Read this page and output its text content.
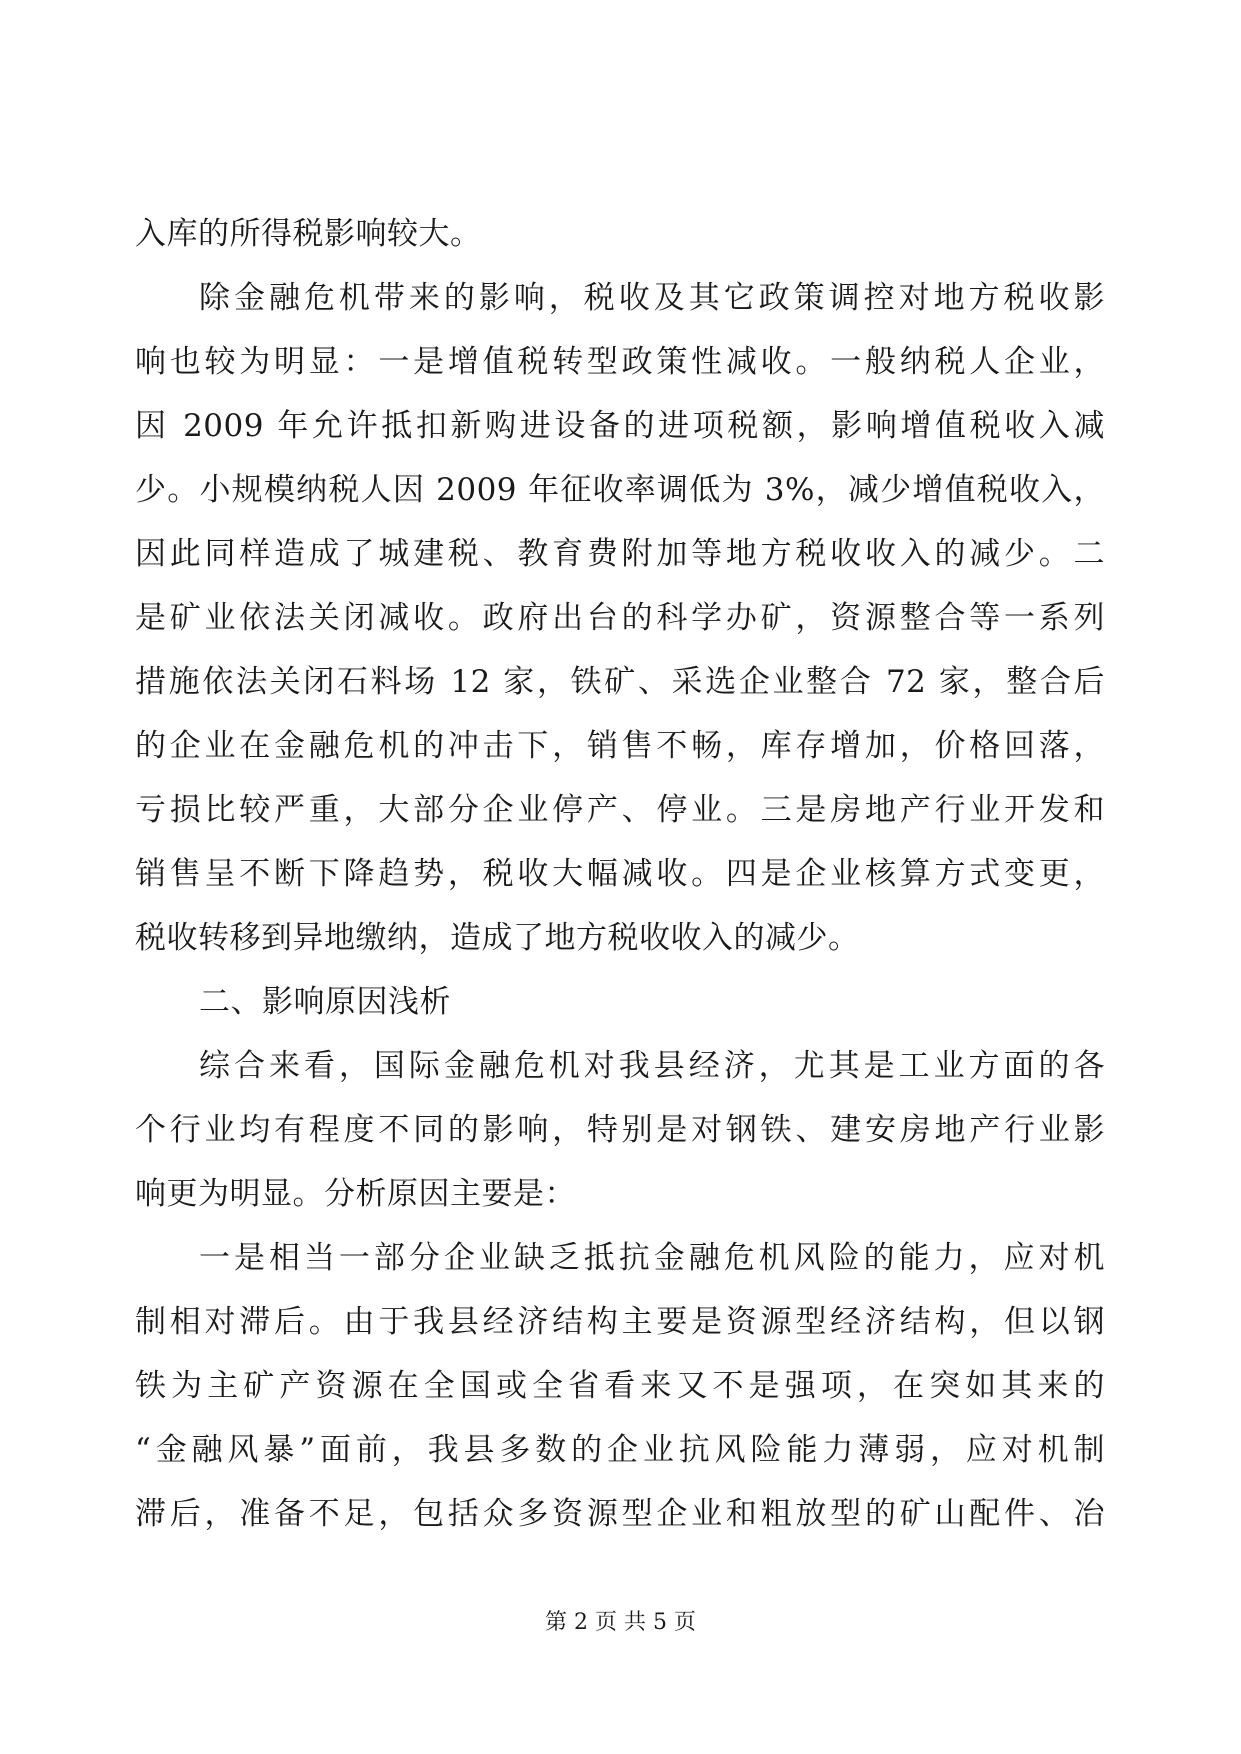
入库的所得税影响较大。
除金融危机带来的影响，税收及其它政策调控对地方税收影
响也较为明显：一是增值税转型政策性减收。一般纳税人企业，
因 2009 年允许抵扣新购进设备的进项税额，影响增值税收入减
少。小规模纳税人因 2009 年征收率调低为 3%，减少增值税收入，
因此同样造成了城建税、教育费附加等地方税收收入的减少。二
是矿业依法关闭减收。政府出台的科学办矿，资源整合等一系列
措施依法关闭石料场 12 家，铁矿、采选企业整合 72 家，整合后
的企业在金融危机的冲击下，销售不畅，库存增加，价格回落，
亏损比较严重，大部分企业停产、停业。三是房地产行业开发和
销售呈不断下降趋势，税收大幅减收。四是企业核算方式变更，
税收转移到异地缴纳，造成了地方税收收入的减少。
二、影响原因浅析
综合来看，国际金融危机对我县经济，尤其是工业方面的各
个行业均有程度不同的影响，特别是对钢铁、建安房地产行业影
响更为明显。分析原因主要是：
一是相当一部分企业缺乏抵抗金融危机风险的能力，应对机
制相对滞后。由于我县经济结构主要是资源型经济结构，但以钢
铁为主矿产资源在全国或全省看来又不是强项，在突如其来的
“金融风暴”面前，我县多数的企业抗风险能力薄弱，应对机制
滞后，准备不足，包括众多资源型企业和粗放型的矿山配件、冶
第 2 页 共 5 页
